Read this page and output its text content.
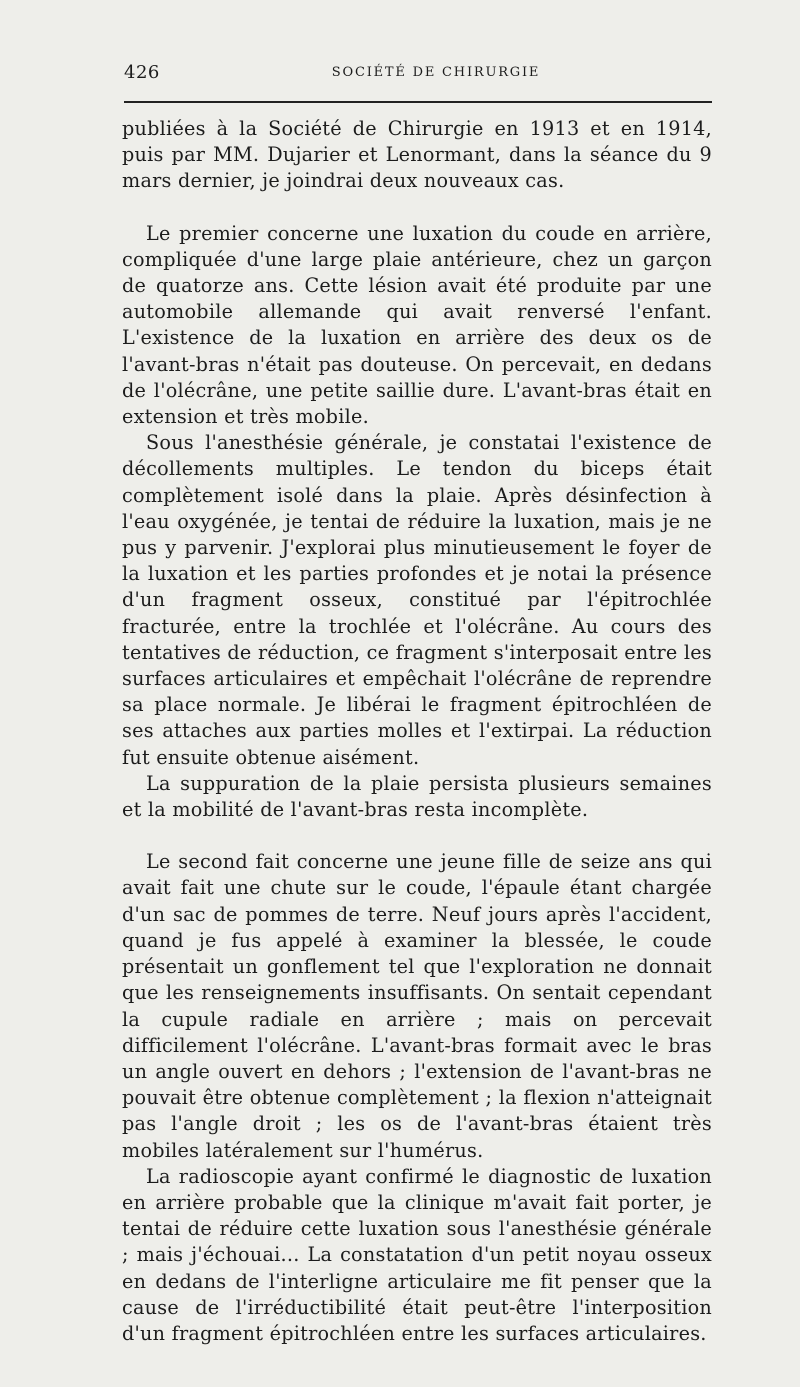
426	SOCIÉTÉ DE CHIRURGIE

publiées à la Société de Chirurgie en 1913 et en 1914, puis par MM. Dujarier et Lenormant, dans la séance du 9 mars dernier, je joindrai deux nouveaux cas.

Le premier concerne une luxation du coude en arrière, compliquée d'une large plaie antérieure, chez un garçon de quatorze ans. Cette lésion avait été produite par une automobile allemande qui avait renversé l'enfant. L'existence de la luxation en arrière des deux os de l'avant-bras n'était pas douteuse. On percevait, en dedans de l'olécrâne, une petite saillie dure. L'avant-bras était en extension et très mobile.

Sous l'anesthésie générale, je constatai l'existence de décollements multiples. Le tendon du biceps était complètement isolé dans la plaie. Après désinfection à l'eau oxygénée, je tentai de réduire la luxation, mais je ne pus y parvenir. J'explorai plus minutieusement le foyer de la luxation et les parties profondes et je notai la présence d'un fragment osseux, constitué par l'épitrochlée fracturée, entre la trochlée et l'olécrâne. Au cours des tentatives de réduction, ce fragment s'interposait entre les surfaces articulaires et empêchait l'olécrâne de reprendre sa place normale. Je libérai le fragment épitrochléen de ses attaches aux parties molles et l'extirpai. La réduction fut ensuite obtenue aisément.

La suppuration de la plaie persista plusieurs semaines et la mobilité de l'avant-bras resta incomplète.

Le second fait concerne une jeune fille de seize ans qui avait fait une chute sur le coude, l'épaule étant chargée d'un sac de pommes de terre. Neuf jours après l'accident, quand je fus appelé à examiner la blessée, le coude présentait un gonflement tel que l'exploration ne donnait que les renseignements insuffisants. On sentait cependant la cupule radiale en arrière ; mais on percevait difficilement l'olécrâne. L'avant-bras formait avec le bras un angle ouvert en dehors ; l'extension de l'avant-bras ne pouvait être obtenue complètement ; la flexion n'atteignait pas l'angle droit ; les os de l'avant-bras étaient très mobiles latéralement sur l'humérus.

La radioscopie ayant confirmé le diagnostic de luxation en arrière probable que la clinique m'avait fait porter, je tentai de réduire cette luxation sous l'anesthésie générale ; mais j'échouai... La constatation d'un petit noyau osseux en dedans de l'interligne articulaire me fit penser que la cause de l'irréductibilité était peut-être l'interposition d'un fragment épitrochléen entre les surfaces articulaires.
